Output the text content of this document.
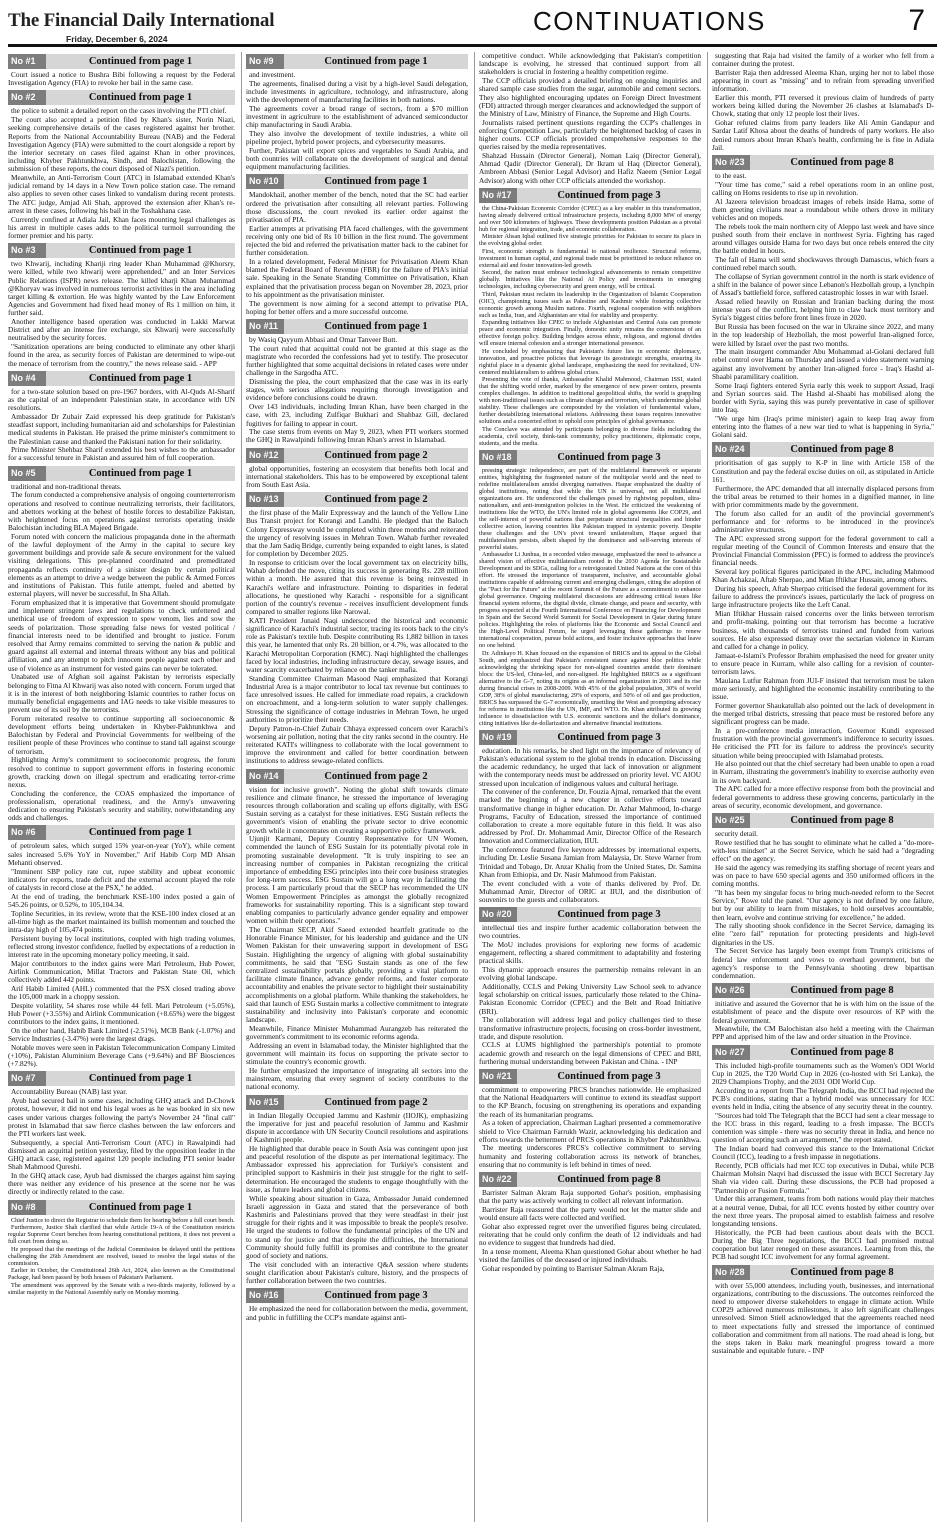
The Financial Daily International
Friday, December 6, 2024
CONTINUATIONS	7
No #1	Continued from page 1

Court issued a notice to Bushra Bibi following a request by the Federal Investigation Agency (FIA) to revoke her bail in the same case.

No #2	Continued from page 1

the police to submit a detailed report on the cases involving the PTI chief.

The court also accepted a petition filed by Khan's sister, Norin Niazi, seeking comprehensive details of the cases registered against her brother. Reports from the National Accountability Bureau (NAB) and the Federal Investigation Agency (FIA) were submitted to the court alongside a report by the interior secretary on cases filed against Khan in other provinces, including Khyber Pakhtunkhwa, Sindh, and Balochistan, following the submission of these reports, the court disposed of Niazi's petition.

Meanwhile, an Anti-Terrorism Court (ATC) in Islamabad extended Khan's judicial remand by 14 days in a New Town police station case. The remand also applies to seven other cases linked to vandalism during recent protests. The ATC judge, Amjad Ali Shah, approved the extension after Khan's re-arrest in these cases, following his bail in the Toshakhana case.

Currently confined at Adiala Jail, Khan faces mounting legal challenges as his arrest in multiple cases adds to the political turmoil surrounding the former premier and his party.

No #3	Continued from page 1

two Khwarij, including Khariji ring leader Khan Muhammad @Khorsry, were killed, while two khwarij were apprehended," and an Inter Services Public Relations (ISPR) news release. The killed kharji Khan Muhammad @Khoryav was involved in numerous terrorist activities in the area including target killing & extortion. He was highly wanted by the Law Enforcement Agencies and Government had fixed head money of Rs 1 million on him, it further said.

Another intelligence based operation was conducted in Lakki Marwat District and after an intense fire exchange, six Khwarij were successfully neutralised by the security forces.

"Sanitization operations are being conducted to eliminate any other kharji found in the area, as security forces of Pakistan are determined to wipe-out the menace of terrorism from the country," the news release said. - APP

No #4	Continued from page 1

for a two-state solution based on pre-1967 borders, with Al-Quds Al-Sharif as the capital of an independent Palestinian state, in accordance with UN resolutions.

Ambassador Dr Zubair Zaid expressed his deep gratitude for Pakistan's steadfast support, including humanitarian aid and scholarships for Palestinian medical students in Pakistan. He praised the prime minister's commitment to the Palestinian cause and thanked the Pakistani nation for their solidarity.

Prime Minister Shehbaz Sharif extended his best wishes to the ambassador for a successful tenure in Pakistan and assured him of full cooperation.

No #5	Continued from page 1

traditional and non-traditional threats.

The forum conducted a comprehensive analysis of ongoing counterterrorism operations and resolved to continue neutralizing terrorists, their facilitators, and abettors working at the behest of hostile forces to destabilize Pakistan, with heightened focus on operations against terrorists operating inside Balochistan including BLA Majeed Brigade.

Forum noted with concern the malicious propaganda done in the aftermath of the lawful deployment of the Army in the capital to secure key government buildings and provide safe & secure environment for the valued visiting delegations. This pre-planned coordinated and premeditated propaganda reflects continuity of a sinister design by certain political elements as an attempt to drive a wedge between the public & Armed Forces and institutions of Pakistan. This futile attempt, fueled and abetted by external players, will never be successful, In Sha Allah.

Forum emphasized that it is imperative that Government should promulgate and implement stringent laws and regulations to check unfettered and unethical use of freedom of expression to spew venom, lies and sow the seeds of polarization. Those spreading false news for vested political / financial interests need to be identified and brought to justice. Forum resolved that Army remains committed to serving the nation & public and guard against all external and internal threats without any bias and political affiliation, and any attempt to pitch innocent people against each other and use of violence as an instrument for vested gains can never be tolerated.

Unabated use of Afghan soil against Pakistan by terrorists especially belonging to Fitna Al Khwarij was also noted with concern. Forum urged that it is in the interest of both neighboring Islamic countries to rather focus on mutually beneficial engagements and IAG needs to take visible measures to prevent use of its soil by the terrorists.

Forum reiterated resolve to continue supporting all socioeconomic & development efforts being undertaken in Khyber-Pakhtunkhwa and Balochistan by Federal and Provincial Governments for wellbeing of the resilient people of these Provinces who continue to stand tall against scourge of terrorism.

Highlighting Army's commitment to socioeconomic progress, the forum resolved to continue to support government efforts in fostering economic growth, cracking down on illegal spectrum and eradicating terror-crime nexus.

Concluding the conference, the COAS emphasized the importance of professionalism, operational readiness, and the Army's unwavering dedication to ensuring Pakistan's security and stability, notwithstanding any odds and challenges.

No #6	Continued from page 1

of petroleum sales, which surged 15% year-on-year (YoY), while cement sales increased 5.6% YoY in November," Arif Habib Corp MD Ahsan Mehanti observed.

"Imminent SBP policy rate cut, rupee stability and upbeat economic indicators for exports, trade deficit and the external account played the role of catalysts in record close at the PSX," he added.

At the end of trading, the benchmark KSE-100 index posted a gain of 545.26 points, or 0.52%, to 105,104.34.

Topline Securities, in its review, wrote that the KSE-100 index closed at an all-time high as the market maintained its bullish momentum and touched the intra-day high of 105,474 points.

Persistent buying by local institutions, coupled with high trading volumes, reflected strong investor confidence, fuelled by expectations of a reduction in interest rate in the upcoming monetary policy meeting, it said.

Major contributors to the index gains were Mari Petroleum, Hub Power, Airlink Communication, Millat Tractors and Pakistan State Oil, which collectively added 442 points.

Arif Habib Limited (AHL) commented that the PSX closed trading above the 105,000 mark in a choppy session.

Despite volatility, 54 shares rose while 44 fell. Mari Petroleum (+5.05%), Hub Power (+3.55%) and Airlink Communication (+8.65%) were the biggest contributors to the index gains, it mentioned.

On the other hand, Habib Bank Limited (-2.51%), MCB Bank (-1.07%) and Service Industries (-3.47%) were the largest drags.

Notable moves were seen in Pakistan Telecommunication Company Limited (+10%), Pakistan Aluminium Beverage Cans (+9.64%) and BF Biosciences (+7.82%).

No #7	Continued from page 1

Accountability Bureau (NAB) last year.

Ayub had secured bail in some cases, including GHQ attack and D-Chowk protest, however, it did not end his legal woes as he was booked in six new cases under various charges following the party's November 24 "final call" protest in Islamabad that saw fierce clashes between the law enforcers and the PTI workers last week.

Subsequently, a special Anti-Terrorism Court (ATC) in Rawalpindi had dismissed an acquittal petition yesterday, filed by the opposition leader in the GHQ attack case, registered against 120 people including PTI senior leader Shah Mahmood Qureshi.

In the GHQ attack case, Ayub had dismissed the charges against him saying there was neither any evidence of his presence at the scene nor he was directly or indirectly related to the case.

No #8	Continued from page 1

Chief Justice to direct the Registrar to schedule them for hearing before a full court bench.

Furthermore, Justice Shah clarified that while Article 19-A of the Constitution restricts regular Supreme Court benches from hearing constitutional petitions, it does not prevent a full court from doing so.

He proposed that the meetings of the Judicial Commission be delayed until the petitions challenging the 26th Amendment are resolved, issued to resolve the legal status of the commission.

Earlier in October, the Constitutional 26th Act, 2024, also known as the Constitutional Package, had been passed by both houses of Pakistan's Parliament.

The amendment was approved by the Senate with a two-thirds majority, followed by a similar majority in the National Assembly early on Monday morning.

No #9	Continued from page 1

and investment.

The agreements, finalised during a visit by a high-level Saudi delegation, include investments in agriculture, technology, and infrastructure, along with the development of manufacturing facilities in both nations.

The agreements cover a broad range of sectors, from a $70 million investment in agriculture to the establishment of advanced semiconductor chip manufacturing in Saudi Arabia.

They also involve the development of textile industries, a white oil pipeline project, hybrid power projects, and cybersecurity measures.

Further, Pakistan will export spices and vegetables to Saudi Arabia, and both countries will collaborate on the development of surgical and dental equipment manufacturing facilities.

No #10	Continued from page 1

Mandokhail, another member of the bench, noted that the SC had earlier ordered the privatisation after consulting all relevant parties. Following those discussions, the court revoked its earlier order against the privatisation of PIA.

Earlier attempts at privatising PIA faced challenges, with the government receiving only one bid of Rs 10 billion in the first round. The government rejected the bid and referred the privatisation matter back to the cabinet for further consideration.

In a related development, Federal Minister for Privatisation Aleem Khan blamed the Federal Board of Revenue (FBR) for the failure of PIA's initial sale. Speaking in the Senate Standing Committee on Privatisation, Khan explained that the privatisation process began on November 28, 2023, prior to his appointment as the privatisation minister.

The government is now aiming for a second attempt to privatise PIA, hoping for better offers and a more successful outcome.

No #11	Continued from page 1

by Wasiq Qayyum Abbasi and Omar Tanveer Butt.

The court ruled that acquittal could not be granted at this stage as the magistrate who recorded the confessions had yet to testify. The prosecutor further highlighted that some acquittal decisions in related cases were under challenge in the Sargodha ATC.

Dismissing the plea, the court emphasized that the case was in its early stages, with serious allegations requiring thorough investigation and evidence before conclusions could be drawn.

Over 143 individuals, including Imran Khan, have been charged in the case, with 23, including Zulfiqar Bukhari and Shahbaz Gill, declared fugitives for failing to appear in court.

The case stems from events on May 9, 2023, when PTI workers stormed the GHQ in Rawalpindi following Imran Khan's arrest in Islamabad.

No #12	Continued from page 2

global opportunities, fostering an ecosystem that benefits both local and international stakeholders. This has to be empowered by exceptional talent from South East Asia.

No #13	Continued from page 2

the first phase of the Malir Expressway and the launch of the Yellow Line Bus Transit project for Korangi and Landhi. He pledged that the Baloch Colony Expressway would be completed within three months and reiterated the urgency of resolving issues in Mehran Town. Wahab further revealed that the Jam Sadiq Bridge, currently being expanded to eight lanes, is slated for completion by December 2025.

In response to criticism over the local government tax on electricity bills, Wahab defended the move, citing its success in generating Rs. 228 million within a month. He assured that this revenue is being reinvested in Karachi's welfare and infrastructure. Pointing to disparities in federal allocations, he questioned why Karachi - responsible for a significant portion of the country's revenue - receives insufficient development funds compared to smaller regions like Narowal.

KATI President Junaid Naqi underscored the historical and economic significance of Karachi's industrial sector, tracing its roots back to the city's role as Pakistan's textile hub. Despite contributing Rs 1,882 billion in taxes this year, he lamented that only Rs. 20 billion, or 4.7%, was allocated to the Karachi Metropolitan Corporation (KMC). Naqi highlighted the challenges faced by local industries, including infrastructure decay, sewage issues, and water scarcity exacerbated by reliance on the tanker mafia.

Standing Committee Chairman Masood Naqi emphasized that Korangi Industrial Area is a major contributor to local tax revenue but continues to face unresolved issues. He called for immediate road repairs, a crackdown on encroachment, and a long-term solution to water supply challenges. Stressing the significance of cottage industries in Mehran Town, he urged authorities to prioritize their needs.

Deputy Patron-in-Chief Zubair Chhaya expressed concern over Karachi's worsening air pollution, noting that the city ranks second in the country. He reiterated KATI's willingness to collaborate with the local government to improve the environment and called for better coordination between institutions to address sewage-related conflicts.

No #14	Continued from page 2

vision for inclusive growth". Noting the global shift towards climate resilience and climate finance, he stressed the importance of leveraging resources through collaboration and scaling up efforts digitally, with ESG Sustain serving as a catalyst for these initiatives. ESG Sustain reflects the government's vision of enabling the private sector to drive economic growth while it concentrates on creating a supportive policy framework.

Ujunjit Karmani, Deputy Country Representative for UN Women, commended the launch of ESG Sustain for its potentially pivotal role in promoting sustainable development. "It is truly inspiring to see an increasing number of companies in Pakistan recognizing the critical importance of embedding ESG principles into their core business strategies for long-term success. ESG Sustain will go a long way in facilitating the process. I am particularly proud that the SECP has recommended the UN Women Empowerment Principles as amongst the globally recognized frameworks for sustainability reporting. This is a significant step toward enabling companies to particularly advance gender equality and empower women within their operations."

The Chairman SECP, Akif Saeed extended heartfelt gratitude to the Honorable Finance Minister, for his leadership and guidance and the UN Women Pakistan for their unwavering support in development of ESG Sustain. Highlighting the urgency of aligning with global sustainability commitments, he said that "ESG Sustain stands as one of the few centralized sustainability portals globally, providing a vital platform to facilitate climate finance, advance gender reforms, and foster corporate accountability and enables the private sector to highlight their sustainability accomplishments on a global platform. While thanking the stakeholders, he said that launch of ESG Sustain marks a collective commitment to integrate sustainability and inclusivity into Pakistan's corporate and economic landscape.

Meanwhile, Finance Minister Muhammad Aurangzeb has reiterated the government's commitment to its economic reforms agenda.

Addressing an event in Islamabad today, the Minister highlighted that the government will maintain its focus on supporting the private sector to stimulate the country's economic growth.

He further emphasized the importance of integrating all sectors into the mainstream, ensuring that every segment of society contributes to the national economy.

No #15	Continued from page 2

in Indian Illegally Occupied Jammu and Kashmir (IIOJK), emphasizing the imperative for just and peaceful resolution of Jammu and Kashmir dispute in accordance with UN Security Council resolutions and aspirations of Kashmiri people.

He highlighted that durable peace in South Asia was contingent upon just and peaceful resolution of the dispute as per international legitimacy. The Ambassador expressed his appreciation for Turkiye's consistent and principled support to Kashmiris in their just struggle for the right to self-determination. He encouraged the students to engage thoughtfully with the issue, as future leaders and global citizens.

While speaking about situation in Gaza, Ambassador Junaid condemned Israeli aggression in Gaza and stated that the perseverance of both Kashmiris and Palestinians proved that they were steadfast in their just struggle for their rights and it was impossible to break the people's resolve. He urged the students to follow the fundamental principles of the UN and to stand up for justice and that despite the difficulties, the International Community should fully fulfill its promises and contribute to the greater good of society and nations.

The visit concluded with an interactive Q&A session where students sought clarification about Pakistan's culture, history, and the prospects of further collaboration between the two countries.

No #16	Continued from page 3

He emphasized the need for collaboration between the media, government, and public in fulfilling the CCP's mandate against anti-

competitive conduct. While acknowledging that Pakistan's competition landscape is evolving, he stressed that continued support from all stakeholders is crucial in fostering a healthy competition regime.

The CCP officials provided a detailed briefing on ongoing inquiries and shared sample case studies from the sugar, automobile and cement sectors. They also highlighted encouraging updates on Foreign Direct Investment (FDI) attracted through merger clearances and acknowledged the support of the Ministry of Law, Ministry of Finance, the Supreme and High Courts.

Journalists raised pertinent questions regarding the CCP's challenges in enforcing Competition Law, particularly the heightened backlog of cases in higher courts. CCP officials provided comprehensive responses to the queries raised by the media representatives.

Shahzad Hussain (Director General), Noman Laiq (Director General), Ahmad Qadir (Director General), Dr Ikram ul Haq (Director General), Ambreen Abbasi (Senior Legal Advisor) and Hafiz Naeem (Senior Legal Advisor) along with other CCP officials attended the workshop.

No #17	Continued from page 3

the China-Pakistan Economic Corridor (CPEC) as a key enabler in this transformation, having already delivered critical infrastructure projects, including 8,000 MW of energy and over 500 kilometers of highways. These developments position Pakistan as a pivotal hub for regional integration, trade, and economic collaboration.

Minister Ahsan Iqbal outlined five strategic priorities for Pakistan to secure its place in the evolving global order.

First, economic strength is fundamental to national resilience. Structural reforms, investment in human capital, and regional trade must be prioritized to reduce reliance on external aid and foster innovation-led growth.

Second, the nation must embrace technological advancements to remain competitive globally. Initiatives like the National AI Policy and investments in emerging technologies, including cybersecurity and green energy, will be critical.

Third, Pakistan must reclaim its leadership in the Organization of Islamic Cooperation (OIC), championing issues such as Palestine and Kashmir while fostering collective economic growth among Muslim nations. Fourth, regional cooperation with neighbors such as India, Iran, and Afghanistan are vital for stability and prosperity.

Expanding initiatives like CPEC to include Afghanistan and Central Asia can promote peace and economic integration. Finally, domestic unity remains the cornerstone of an effective foreign policy. Building bridges across ethnic, religious, and regional divides will ensure internal cohesion and a stronger international presence.

He concluded by emphasizing that Pakistan's future lies in economic diplomacy, innovation, and proactive policies that leverage its geostrategic strengths, ensuring its rightful place in a dynamic global landscape, emphasizing the need for revitalized, UN-centered multilateralism to address global crises.

Presenting the vote of thanks, Ambassador Khalid Mahmood, Chairman ISSI, stated that the shifting world order, marked by the emergence of new power centers, presents complex challenges. In addition to traditional geopolitical shifts, the world is grappling with non-traditional issues such as climate change and terrorism, which undermine global stability. These challenges are compounded by the violation of fundamental values, further destabilizing international relations. Addressing these issues requires innovative solutions and a concerted effort to uphold core principles of global governance.

The Conclave was attended by participants belonging to diverse fields including the academia, civil society, think-tank community, policy practitioners, diplomatic corps, students, and the media.

No #18	Continued from page 3

pressing strategic independence, are part of the multilateral framework or separate entities, highlighting the fragmented nature of the multipolar world and the need to redefine multilateralism amidst diverging narratives. Haque emphasized the duality of global institutions, noting that while the UN is universal, not all multilateral organizations are. He underscored the challenges posed by rightwing populism, ultra-nationalism, and anti-immigration policies in the West. He criticized the weakening of institutions like the WTO, the UN's limited role in global agreements like COP29, and the self-interest of powerful nations that perpetuate structural inequalities and hinder collective action, leaving countries like Pakistan trapped in systemic poverty. Despite these challenges and the UN's pivot toward unilateralism, Haque argued that multilateralism persists, albeit shaped by the dominance and self-serving interests of powerful states.

Ambassador Li Junhua, in a recorded video message, emphasized the need to advance a shared vision of effective multilateralism rooted in the 2030 Agenda for Sustainable Development and its SDGs, calling for a reinvigorated United Nations at the core of this effort. He stressed the importance of transparent, inclusive, and accountable global institutions capable of addressing current and emerging challenges, citing the adoption of the "Pact for the Future" at the recent Summit of the Future as a commitment to enhance global governance. Ongoing multilateral discussions are addressing critical issues like financial system reforms, the digital divide, climate change, and peace and security, with progress expected at the Fourth International Conference on Financing for Development in Spain and the Second World Summit for Social Development in Qatar during future policies. Highlighting the roles of platforms like the Economic and Social Council and the High-Level Political Forum, he urged leveraging these gatherings to renew international cooperation, pursue bold actions, and foster inclusive approaches that leave no one behind.

Dr. Adinkayo H. Khan focused on the expansion of BRICS and its appeal to the Global South, and emphasized that Pakistan's consistent stance against bloc politics while acknowledging the shrinking space for non-aligned countries amidst their dominant blocs: the US-led, China-led, and non-aligned. He highlighted BRICS as a significant alternative to the G-7, noting its origins as an informal organization in 2001 and its rise during financial crises in 2008-2009. With 45% of the global population, 30% of world GDP, 38% of global manufacturing, 29% of exports, and 50% of oil and gas production, BRICS has surpassed the G-7 economically, unsettling the West and prompting advocacy for reforms in institutions like the UN, IMF, and WTO. Dr. Khan attributed its growing influence to dissatisfaction with U.S. economic sanctions and the dollar's dominance, citing initiatives like de-dollarization and alternative financial institutions.

No #19	Continued from page 3

education. In his remarks, he shed light on the importance of relevancy of Pakistan's educational system to the global trends in education. Discussing the academic redundancy, he urged that lack of innovation or alignment with the contemporary needs must be addressed on priority level. VC AIOU stressed upon inculcation of indigenous values and cultural heritage.

The convener of the conference, Dr. Fouzia Ajmal, remarked that the event marked the beginning of a new chapter in collective efforts toward transformative change in higher education. Dr. Azhar Mahmood, In-charge Programs, Faculty of Education, stressed the importance of continued collaboration to create a more equitable future in this field. It was also addressed by Prof. Dr. Mohammad Amir, Director Office of the Research Innovation and Commercialization, IIUI.

The conference featured five keynote addresses by international experts, including Dr. Leslie Susana Jamian from Malaysia, Dr. Steve Warner from Trinidad and Tobago, Dr. Anzar Khaliq from the United States, Dr. Samina Khan from Ethiopia, and Dr. Nasir Mahmood from Pakistan.

The event concluded with a vote of thanks delivered by Prof. Dr. Muhammad Amir, Director of ORIC at IIUI, and the distribution of souvenirs to the guests and collaborators.

No #20	Continued from page 3

intellectual ties and inspire further academic collaboration between the two countries.

The MoU includes provisions for exploring new forms of academic engagement, reflecting a shared commitment to adaptability and fostering practical skills.

This dynamic approach ensures the partnership remains relevant in an evolving global landscape.

Additionally, CCLS and Peking University Law School seek to advance legal scholarship on critical issues, particularly those related to the China-Pakistan Economic Corridor (CPEC) and the Belt and Road Initiative (BRI).

The collaboration will address legal and policy challenges tied to these transformative infrastructure projects, focusing on cross-border investment, trade, and dispute resolution.

CCLS at LUMS highlighted the partnership's potential to promote academic growth and research on the legal dimensions of CPEC and BRI, furthering mutual understanding between Pakistan and China. - INP

No #21	Continued from page 3

commitment to empowering PRCS branches nationwide. He emphasized that the National Headquarters will continue to extend its steadfast support to the KP Branch, focusing on strengthening its operations and expanding the reach of its humanitarian programs.

As a token of appreciation, Chairman Laghari presented a commemorative shield to Vice Chairman Farrukh Wazir, acknowledging his dedication and efforts towards the betterment of PRCS operations in Khyber Pakhtunkhwa.

The meeting underscores PRCS's collective commitment to serving humanity and fostering collaboration across its network of branches, ensuring that no community is left behind in times of need.

No #22	Continued from page 8

Barrister Salman Akram Raja supported Gohar's position, emphasising that the party was actively working to collect all relevant information.

Barrister Raja reassured that the party would not let the matter slide and would ensure all facts were collected and verified.

Gohar also expressed regret over the unverified figures being circulated, reiterating that he could only confirm the death of 12 individuals and had no evidence to suggest that hundreds had died.

In a tense moment, Aleema Khan questioned Gohar about whether he had visited the families of the deceased or injured individuals.

Gohar responded by pointing to Barrister Salman Akram Raja,

suggesting that Raja had visited the family of a worker who fell from a container during the protest.

Barrister Raja then addressed Aleema Khan, urging her not to label those appearing in court as "missing" and to refrain from spreading unverified information.

Earlier this month, PTI reversed it previous claim of hundreds of party workers being killed during the November 26 clashes at Islamabad's D-Chowk, stating that only 12 people lost their lives.

Gohar refuted claims from party leaders like Ali Amin Gandapur and Sardar Latif Khosa about the deaths of hundreds of party workers. He also denied rumors about Imran Khan's health, confirming he is fine in Adiala Jail.

No #23	Continued from page 8

to the east.

"Your time has come," said a rebel operations room in an online post, calling on Homs residents to rise up in revolution.

Al Jazeera television broadcast images of rebels inside Hama, some of them greeting civilians near a roundabout while others drove in military vehicles and on mopeds.

The rebels took the main northern city of Aleppo last week and have since pushed south from their enclave in northwest Syria. Fighting has raged around villages outside Hama for two days but once rebels entered the city the battle ended in hours.

The fall of Hama will send shockwaves through Damascus, which fears a continued rebel march south.

The collapse of Syrian government control in the north is stark evidence of a shift in the balance of power since Lebanon's Hezbollah group, a lynchpin of Assad's battlefield force, suffered catastrophic losses in war with Israel.

Assad relied heavily on Russian and Iranian backing during the most intense years of the conflict, helping him to claw back most territory and Syria's biggest cities before front lines froze in 2020.

But Russia has been focused on the war in Ukraine since 2022, and many in the top leadership of Hezbollah, the most powerful Iran-aligned force, were killed by Israel over the past two months.

The main insurgent commander Abu Mohammad al-Golani declared full rebel control over Hama on Thursday and issued a video statement warning against any involvement by another Iran-aligned force - Iraq's Hashd al-Shaabi paramilitary coalition.

Some Iraqi fighters entered Syria early this week to support Assad, Iraqi and Syrian sources said. The Hashd al-Shaabi has mobilised along the border with Syria, saying this was purely preventative in case of spillover into Iraq.

"We urge him (Iraq's prime minister) again to keep Iraq away from entering into the flames of a new war tied to what is happening in Syria," Golani said.

No #24	Continued from page 8

prioritisation of gas supply to K-P in line with Article 158 of the Constitution and pay the federal excise duties on oil, as stipulated in Article 161.

Furthermore, the APC demanded that all internally displaced persons from the tribal areas be returned to their homes in a dignified manner, in line with prior commitments made by the government.

The forum also called for an audit of the provincial government's performance and for reforms to be introduced in the province's administrative structures.

The APC expressed strong support for the federal government to call a regular meeting of the Council of Common Interests and ensure that the Provincial Financial Commission (PFC) is formed to address the province's financial needs.

Several key political figures participated in the APC, including Mahmood Khan Achakzai, Aftab Sherpao, and Mian Iftikhar Hussain, among others.

During his speech, Aftab Sherpao criticised the federal government for its failure to address the province's issues, particularly the lack of progress on large infrastructure projects like the Left Canal.

Mian Iftikhar Hussain raised concerns over the links between terrorism and profit-making, pointing out that terrorism has become a lucrative business, with thousands of terrorists trained and funded from various sources. He also expressed dismay over the sectarian violence in Kurram and called for a change in policy.

Jamaat-e-Islami's Professor Ibrahim emphasised the need for greater unity to ensure peace in Kurram, while also calling for a revision of counter-terrorism laws.

Maulana Lutfur Rahman from JUI-F insisted that terrorism must be taken more seriously, and highlighted the economic instability contributing to the issue.

Former governor Shaukatullah also pointed out the lack of development in the merged tribal districts, stressing that peace must be restored before any significant progress can be made.

In a pre-conference media interaction, Governor Kundi expressed frustration with the provincial government's indifference to security issues. He criticised the PTI for its failure to address the province's security situation while being preoccupied with Islamabad protests.

He also pointed out that the chief secretary had been unable to open a road in Kurram, illustrating the government's inability to exercise authority even in its own backyard.

The APC called for a more effective response from both the provincial and federal governments to address these growing concerns, particularly in the areas of security, economic development, and governance.

No #25	Continued from page 8

security detail.

Rowe testified that he has sought to eliminate what he called a "do-more-with-less mindset" at the Secret Service, which he said had a "degrading effect" on the agency.

He said the agency was remedying its staffing shortage of recent years and was on pace to have 650 special agents and 350 uniformed officers in the coming months.

"It has been my singular focus to bring much-needed reform to the Secret Service," Rowe told the panel. "Our agency is not defined by one failure, but by our ability to learn from mistakes, to hold ourselves accountable, then learn, evolve and continue striving for excellence," he added.

The rally shooting shook confidence in the Secret Service, damaging its elite "zero fail" reputation for protecting presidents and high-level dignitaries in the US.

The Secret Service has largely been exempt from Trump's criticisms of federal law enforcement and vows to overhaul government, but the agency's response to the Pennsylvania shooting drew bipartisan condemnation.

No #26	Continued from page 8

initiative and assured the Governor that he is with him on the issue of the establishment of peace and the dispute over resources of KP with the federal government.

Meanwhile, the CM Balochistan also held a meeting with the Chairman PPP and apprised him of the law and order situation in the Province.

No #27	Continued from page 8

This included high-profile tournaments such as the Women's ODI World Cup in 2025, the T20 World Cup in 2026 (co-hosted with Sri Lanka), the 2029 Champions Trophy, and the 2031 ODI World Cup.

According to a report from The Telegraph India, the BCCI had rejected the PCB's conditions, stating that a hybrid model was unnecessary for ICC events held in India, citing the absence of any security threat in the country.

"Sources had told The Telegraph that the BCCI had sent a clear message to the ICC brass in this regard, leading to a fresh impasse. The BCCI's contention was simple - there was no security threat in India, and hence no question of accepting such an arrangement," the report stated.

The Indian board had conveyed this stance to the International Cricket Council (ICC), leading to a fresh impasse in negotiations.

Recently, PCB officials had met ICC top executives in Dubai, while PCB Chairman Mohsin Naqvi had discussed the issue with BCCI Secretary Jay Shah via video call. During these discussions, the PCB had proposed a "Partnership or Fusion Formula."

Under this arrangement, teams from both nations would play their matches at a neutral venue, Dubai, for all ICC events hosted by either country over the next three years. The proposal aimed to establish fairness and resolve longstanding tensions.

Historically, the PCB had been cautious about deals with the BCCI. During the Big Three negotiations, the BCCI had promised mutual cooperation but later reneged on these assurances. Learning from this, the PCB had sought ICC involvement for any formal agreement.

No #28	Continued from page 8

with over 55,000 attendees, including youth, businesses, and international organizations, contributing to the discussions. The outcomes reinforced the need to empower diverse stakeholders to engage in climate action. While COP29 achieved numerous milestones, it also left significant challenges unresolved. Simon Stiell acknowledged that the agreements reached need to meet expectations fully and stressed the importance of continued collaboration and commitment from all nations. The road ahead is long, but the steps taken in Baku mark meaningful progress toward a more sustainable and equitable future. - INP
